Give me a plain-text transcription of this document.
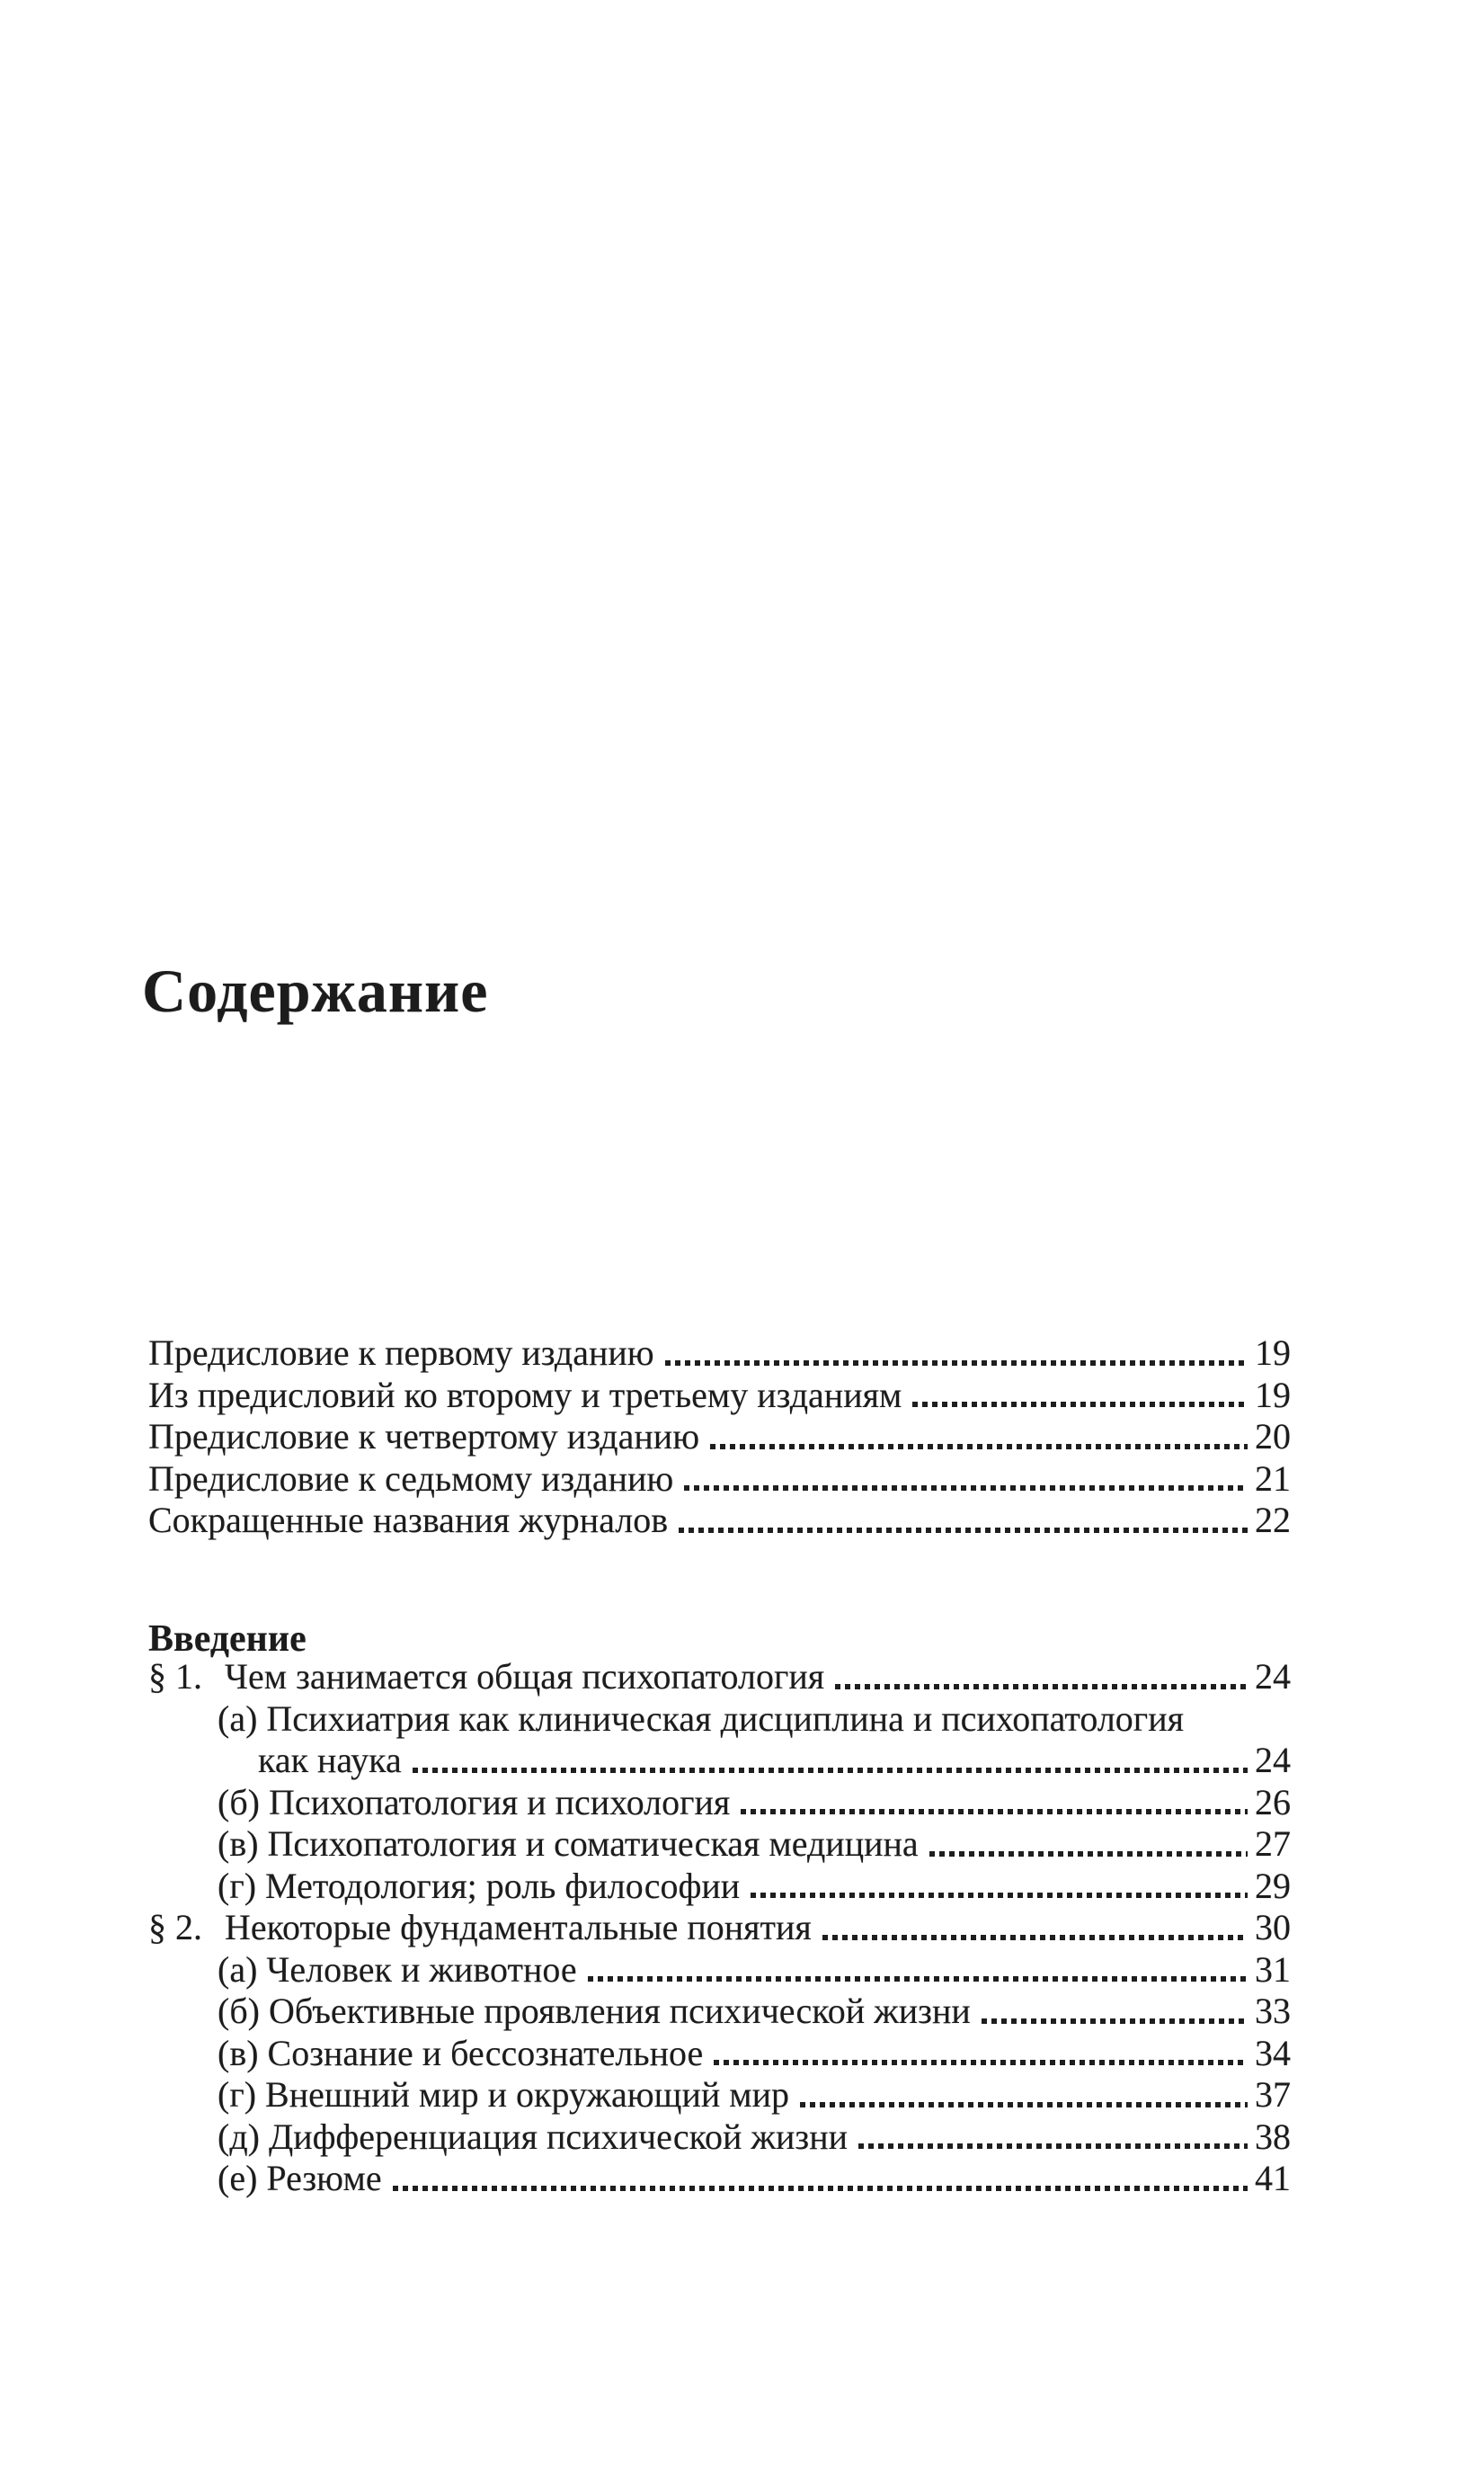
Содержание
Предисловие к первому изданию	19
Из предисловий ко второму и третьему изданиям	19
Предисловие к четвертому изданию	20
Предисловие к седьмому изданию	21
Сокращенные названия журналов	22
Введение
§ 1. Чем занимается общая психопатология	24
(а) Психиатрия как клиническая дисциплина и психопатология
как наука	24
(б) Психопатология и психология	26
(в) Психопатология и соматическая медицина	27
(г) Методология; роль философии	29
§ 2. Некоторые фундаментальные понятия	30
(а) Человек и животное	31
(б) Объективные проявления психической жизни	33
(в) Сознание и бессознательное	34
(г) Внешний мир и окружающий мир	37
(д) Дифференциация психической жизни	38
(е) Резюме	41
